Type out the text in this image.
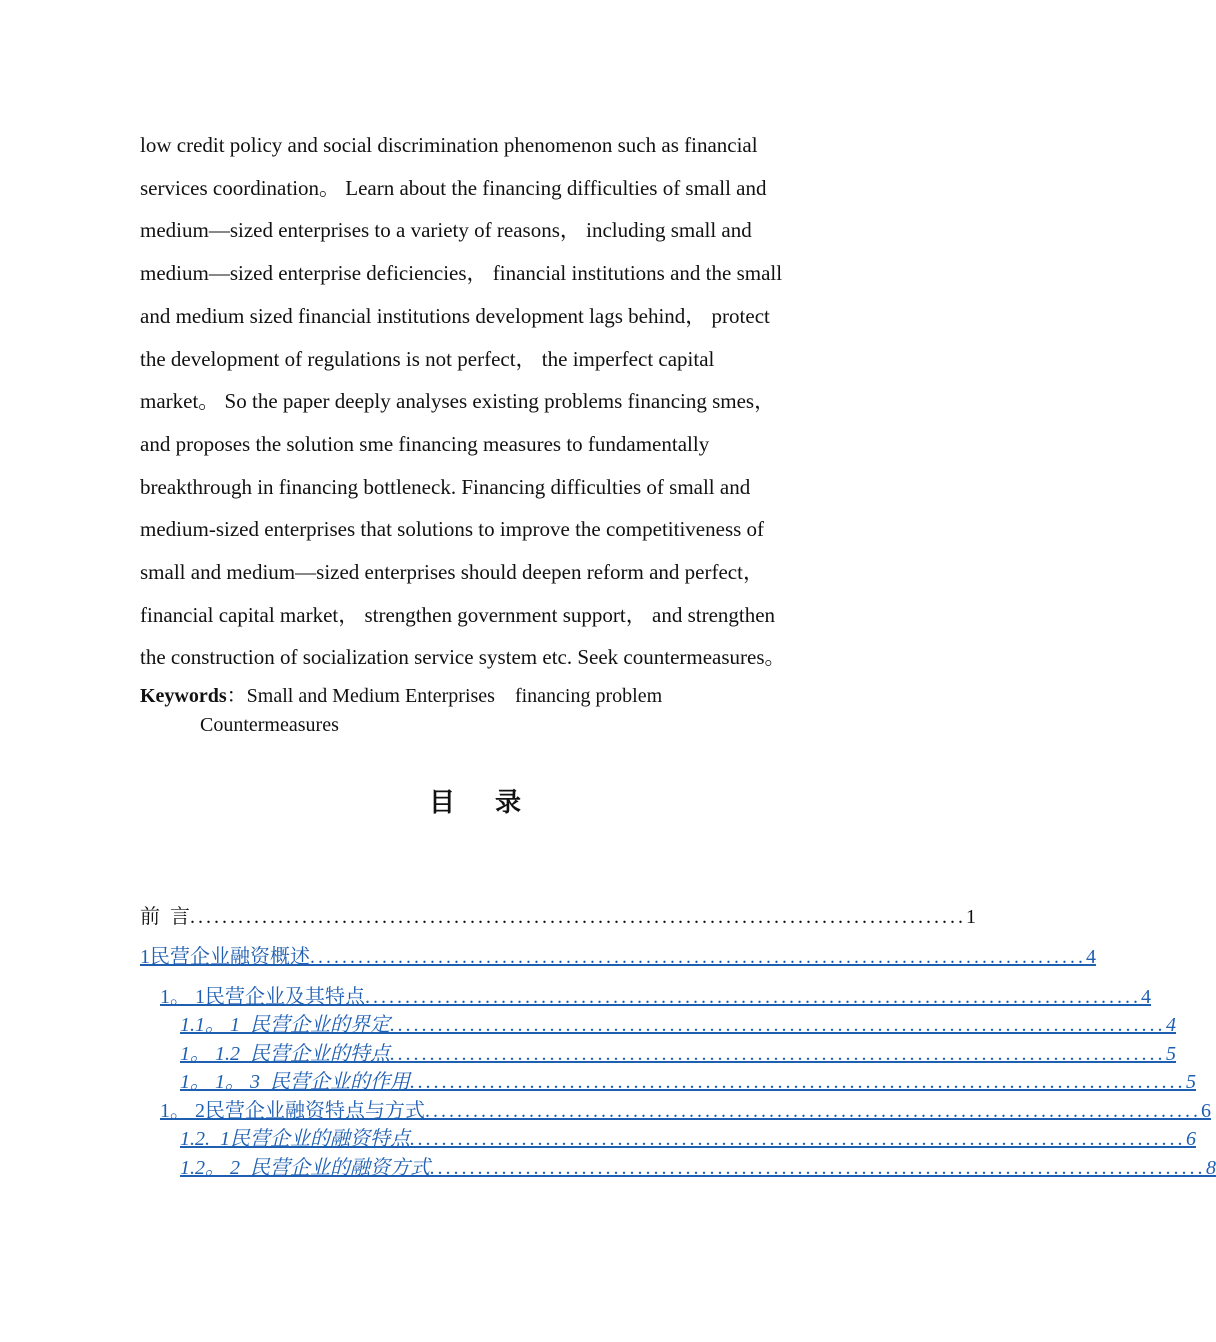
low credit policy and social discrimination phenomenon such as financial

services coordination。 Learn about the financing difficulties of small and

medium—sized enterprises to a variety of reasons， including small and

medium—sized enterprise deficiencies， financial institutions and the small

and medium sized financial institutions development lags behind， protect

the development of regulations is not perfect， the imperfect capital

market。 So the paper deeply analyses existing problems financing smes，

and proposes the solution sme financing measures to fundamentally

breakthrough in financing bottleneck. Financing difficulties of small and

medium-sized enterprises that solutions to improve the competitiveness of

small and medium—sized enterprises should deepen reform and perfect，

financial capital market， strengthen government support， and strengthen

the construction of socialization service system etc. Seek countermeasures。

Keywords：Small and Medium Enterprises    financing problem
Countermeasures
目录
前  言 ................................................................................................. 1
1民营企业融资概述 ................................................................................................. 4
1。 1民营企业及其特点 ................................................................................................. 4
1.1。 1  民营企业的界定 ................................................................................................. 4
1。 1.2  民营企业的特点 ................................................................................................. 5
1。 1。 3  民营企业的作用 ................................................................................................. 5
1。 2民营企业融资特点与方式 ................................................................................................. 6
1.2.  1民营企业的融资特点 ................................................................................................. 6
1.2。 2  民营企业的融资方式 ................................................................................................. 8
